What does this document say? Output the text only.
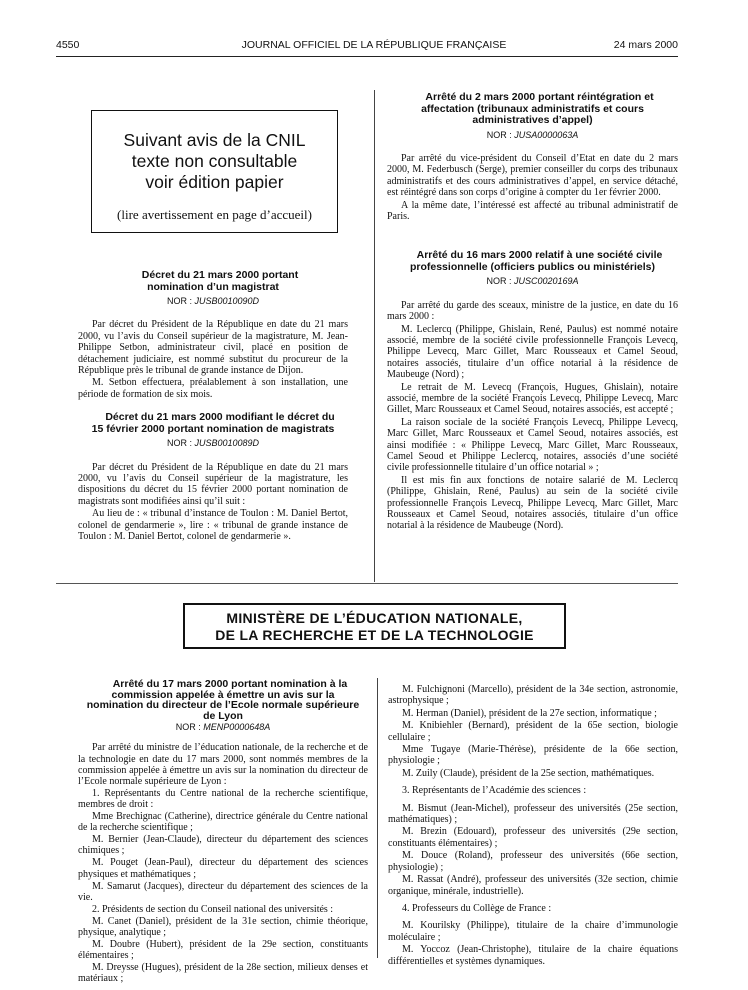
4550	JOURNAL OFFICIEL DE LA RÉPUBLIQUE FRANÇAISE	24 mars 2000
Suivant avis de la CNIL
texte non consultable
voir édition papier
(lire avertissement en page d’accueil)

Décret du 21 mars 2000 portant nomination d’un magistrat

NOR : JUSB0010090D

Par décret du Président de la République en date du 21 mars 2000, vu l’avis du Conseil supérieur de la magistrature, M. Jean-Philippe Setbon, administrateur civil, placé en position de détachement judiciaire, est nommé substitut du procureur de la République près le tribunal de grande instance de Dijon.

M. Setbon effectuera, préalablement à son installation, une période de formation de six mois.

Décret du 21 mars 2000 modifiant le décret du 15 février 2000 portant nomination de magistrats

NOR : JUSB0010089D

Par décret du Président de la République en date du 21 mars 2000, vu l’avis du Conseil supérieur de la magistrature, les dispositions du décret du 15 février 2000 portant nomination de magistrats sont modifiées ainsi qu’il suit :

Au lieu de : « tribunal d’instance de Toulon : M. Daniel Bertot, colonel de gendarmerie », lire : « tribunal de grande instance de Toulon : M. Daniel Bertot, colonel de gendarmerie ».

Arrêté du 2 mars 2000 portant réintégration et affectation (tribunaux administratifs et cours administratives d’appel)

NOR : JUSA0000063A

Par arrêté du vice-président du Conseil d’Etat en date du 2 mars 2000, M. Federbusch (Serge), premier conseiller du corps des tribunaux administratifs et des cours administratives d’appel, en service détaché, est réintégré dans son corps d’origine à compter du 1er février 2000.

A la même date, l’intéressé est affecté au tribunal administratif de Paris.

Arrêté du 16 mars 2000 relatif à une société civile professionnelle (officiers publics ou ministériels)

NOR : JUSC0020169A

Par arrêté du garde des sceaux, ministre de la justice, en date du 16 mars 2000 :

M. Leclercq (Philippe, Ghislain, René, Paulus) est nommé notaire associé, membre de la société civile professionnelle François Levecq, Philippe Levecq, Marc Gillet, Marc Rousseaux et Camel Seoud, notaires associés, titulaire d’un office notarial à la résidence de Maubeuge (Nord) ;

Le retrait de M. Levecq (François, Hugues, Ghislain), notaire associé, membre de la société François Levecq, Philippe Levecq, Marc Gillet, Marc Rousseaux et Camel Seoud, notaires associés, est accepté ;

La raison sociale de la société François Levecq, Philippe Levecq, Marc Gillet, Marc Rousseaux et Camel Seoud, notaires associés, est ainsi modifiée : « Philippe Levecq, Marc Gillet, Marc Rousseaux, Camel Seoud et Philippe Leclercq, notaires, associés d’une société civile professionnelle titulaire d’un office notarial » ;

Il est mis fin aux fonctions de notaire salarié de M. Leclercq (Philippe, Ghislain, René, Paulus) au sein de la société civile professionnelle François Levecq, Philippe Levecq, Marc Gillet, Marc Rousseaux et Camel Seoud, notaires associés, titulaire d’un office notarial à la résidence de Maubeuge (Nord).

MINISTÈRE DE L’ÉDUCATION NATIONALE,
DE LA RECHERCHE ET DE LA TECHNOLOGIE

Arrêté du 17 mars 2000 portant nomination à la commission appelée à émettre un avis sur la nomination du directeur de l’Ecole normale supérieure de Lyon

NOR : MENP0000648A

Par arrêté du ministre de l’éducation nationale, de la recherche et de la technologie en date du 17 mars 2000, sont nommés membres de la commission appelée à émettre un avis sur la nomination du directeur de l’Ecole normale supérieure de Lyon :

1. Représentants du Centre national de la recherche scientifique, membres de droit :

Mme Brechignac (Catherine), directrice générale du Centre national de la recherche scientifique ;

M. Bernier (Jean-Claude), directeur du département des sciences chimiques ;

M. Pouget (Jean-Paul), directeur du département des sciences physiques et mathématiques ;

M. Samarut (Jacques), directeur du département des sciences de la vie.

2. Présidents de section du Conseil national des universités :

M. Canet (Daniel), président de la 31e section, chimie théorique, physique, analytique ;

M. Doubre (Hubert), président de la 29e section, constituants élémentaires ;

M. Dreysse (Hugues), président de la 28e section, milieux denses et matériaux ;

M. Fulchignoni (Marcello), président de la 34e section, astronomie, astrophysique ;

M. Herman (Daniel), président de la 27e section, informatique ;

M. Knibiehler (Bernard), président de la 65e section, biologie cellulaire ;

Mme Tugaye (Marie-Thérèse), présidente de la 66e section, physiologie ;

M. Zuily (Claude), président de la 25e section, mathématiques.

3. Représentants de l’Académie des sciences :

M. Bismut (Jean-Michel), professeur des universités (25e section, mathématiques) ;

M. Brezin (Edouard), professeur des universités (29e section, constituants élémentaires) ;

M. Douce (Roland), professeur des universités (66e section, physiologie) ;

M. Rassat (André), professeur des universités (32e section, chimie organique, minérale, industrielle).

4. Professeurs du Collège de France :

M. Kourilsky (Philippe), titulaire de la chaire d’immunologie moléculaire ;

M. Yoccoz (Jean-Christophe), titulaire de la chaire équations différentielles et systèmes dynamiques.
